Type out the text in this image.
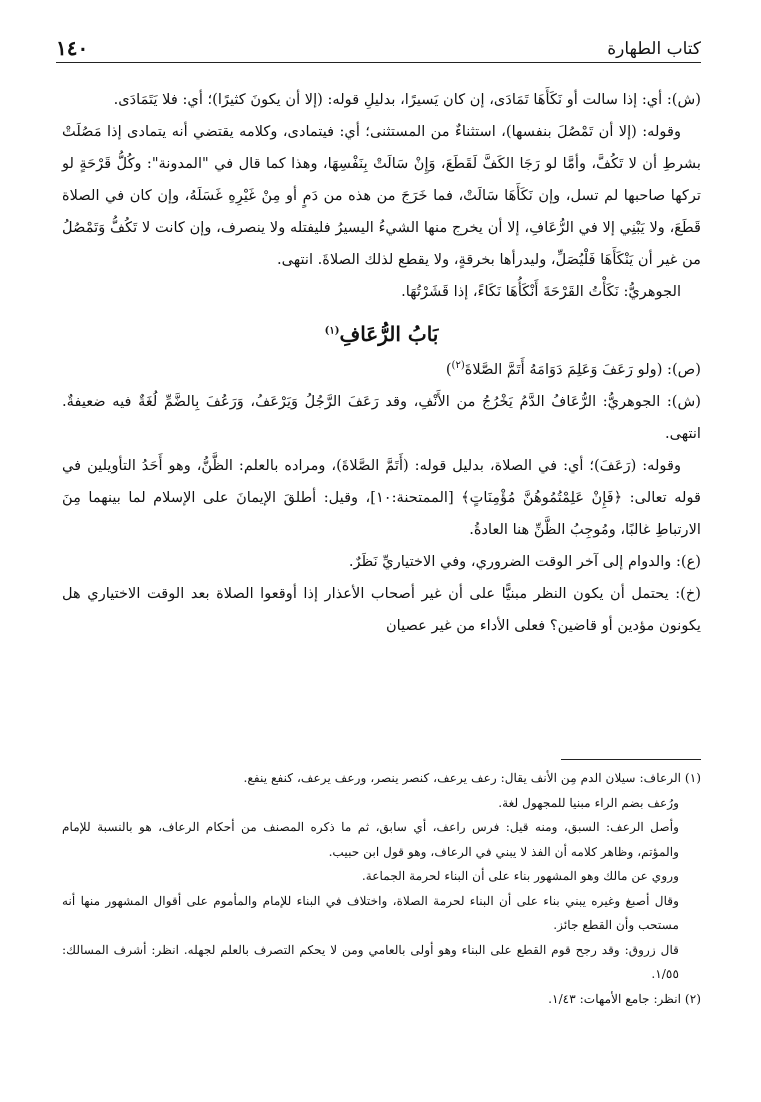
كتاب الطهارة
١٤٠

(ش): أي: إذا سالت أو نَكَأَهَا تَمَادَى، إن كان يَسيرًا، بدليلِ قوله: (إلا أن يكونَ كثيرًا)؛ أي: فلا يَتَمَادَى.

وقوله: (إلا أن تَمْصُلَ بنفسها)، استثناءٌ من المستثنى؛ أي: فيتمادى، وكلامه يقتضي أنه يتمادى إذا مَصُلَتْ بشرطِ أن لا تَكُفَّ، وأمَّا لو رَجَا الكَفَّ لَقَطَعَ، وَإِنْ سَالَتْ بِنَفْسِهَا، وهذا كما قال في "المدونة": وكُلُّ قَرْحَةٍ لو تركها صاحبها لم تسل، وإن نَكَأَهَا سَالَتْ، فما خَرَجَ من هذه من دَمٍ أو مِنْ غَيْرِهِ غَسَلَهُ، وإن كان في الصلاة قَطَعَ، ولا يَبْنِي إلا في الرُّعَافِ، إلا أن يخرج منها الشيءُ اليسيرُ فليفتله ولا ينصرف، وإن كانت لا تَكُفُّ وَتَمْصُلُ من غير أن يَنْكَأَهَا فَلْيُصَلِّ، وليدرأها بخرقةٍ، ولا يقطع لذلك الصلاةَ. انتهى.

الجوهريُّ: نَكَأْتُ القَرْحَةَ أَنْكَأُهَا نَكَاءً، إذا قَشَرْتُهَا.

بَابُ الرُّعَافِ$^{(١)}$

(ص): (ولو رَعَفَ وَعَلِمَ دَوَامَهُ أَتَمَّ الصَّلاةَ$^{(٢)}$)

(ش): الجوهريُّ: الرُّعَافُ الدَّمُ يَخْرُجُ من الأَنْفِ، وقد رَعَفَ الرَّجُلُ وَيَرْعَفُ، وَرَعُفَ بِالضَّمِّ لُغَةٌ فيه ضعيفةٌ. انتهى.

وقوله: (رَعَفَ)؛ أي: في الصلاة، بدليل قوله: (أَتَمَّ الصَّلاةَ)، ومراده بالعلم: الظَّنُّ، وهو أَحَدُ التأويلين في قوله تعالى: ﴿فَإِنْ عَلِمْتُمُوهُنَّ مُؤْمِنَاتٍ﴾ [الممتحنة:١٠]، وقيل: أطلقَ الإيمانَ على الإسلام لما بينهما مِنَ الارتباطِ غالبًا، ومُوجِبُ الظَّنِّ هنا العادةُ.

(ع): والدوام إلى آخر الوقت الضروري، وفي الاختياريِّ نَظَرٌ.

(خ): يحتمل أن يكون النظر مبنيًّا على أن غير أصحاب الأعذار إذا أوقعوا الصلاة بعد الوقت الاختياري هل يكونون مؤدين أو قاضين؟ فعلى الأداء من غير عصيان

(١) الرعاف: سيلان الدم مِن الأنف يقال: رعف يرعف، كنصر ينصر، ورعف يرعف، كنفع ينفع.

ورُعف بضم الراء مبنيا للمجهول لغة.

وأصل الرعف: السبق، ومنه قيل: فرس راعف، أي سابق، ثم ما ذكره المصنف من أحكام الرعاف، هو بالنسبة للإمام والمؤتم، وظاهر كلامه أن الفذ لا يبني في الرعاف، وهو قول ابن حبيب.

وروي عن مالك وهو المشهور بناء على أن البناء لحرمة الجماعة.

وقال أصبغ وغيره يبني بناء على أن البناء لحرمة الصلاة، واختلاف في البناء للإمام والمأموم على أقوال المشهور منها أنه مستحب وأن القطع جائز.

قال زروق: وقد رجح قوم القطع على البناء وهو أولى بالعامي ومن لا يحكم التصرف بالعلم لجهله. انظر: أشرف المسالك: ١/٥٥.

(٢) انظر: جامع الأمهات: ١/٤٣.
